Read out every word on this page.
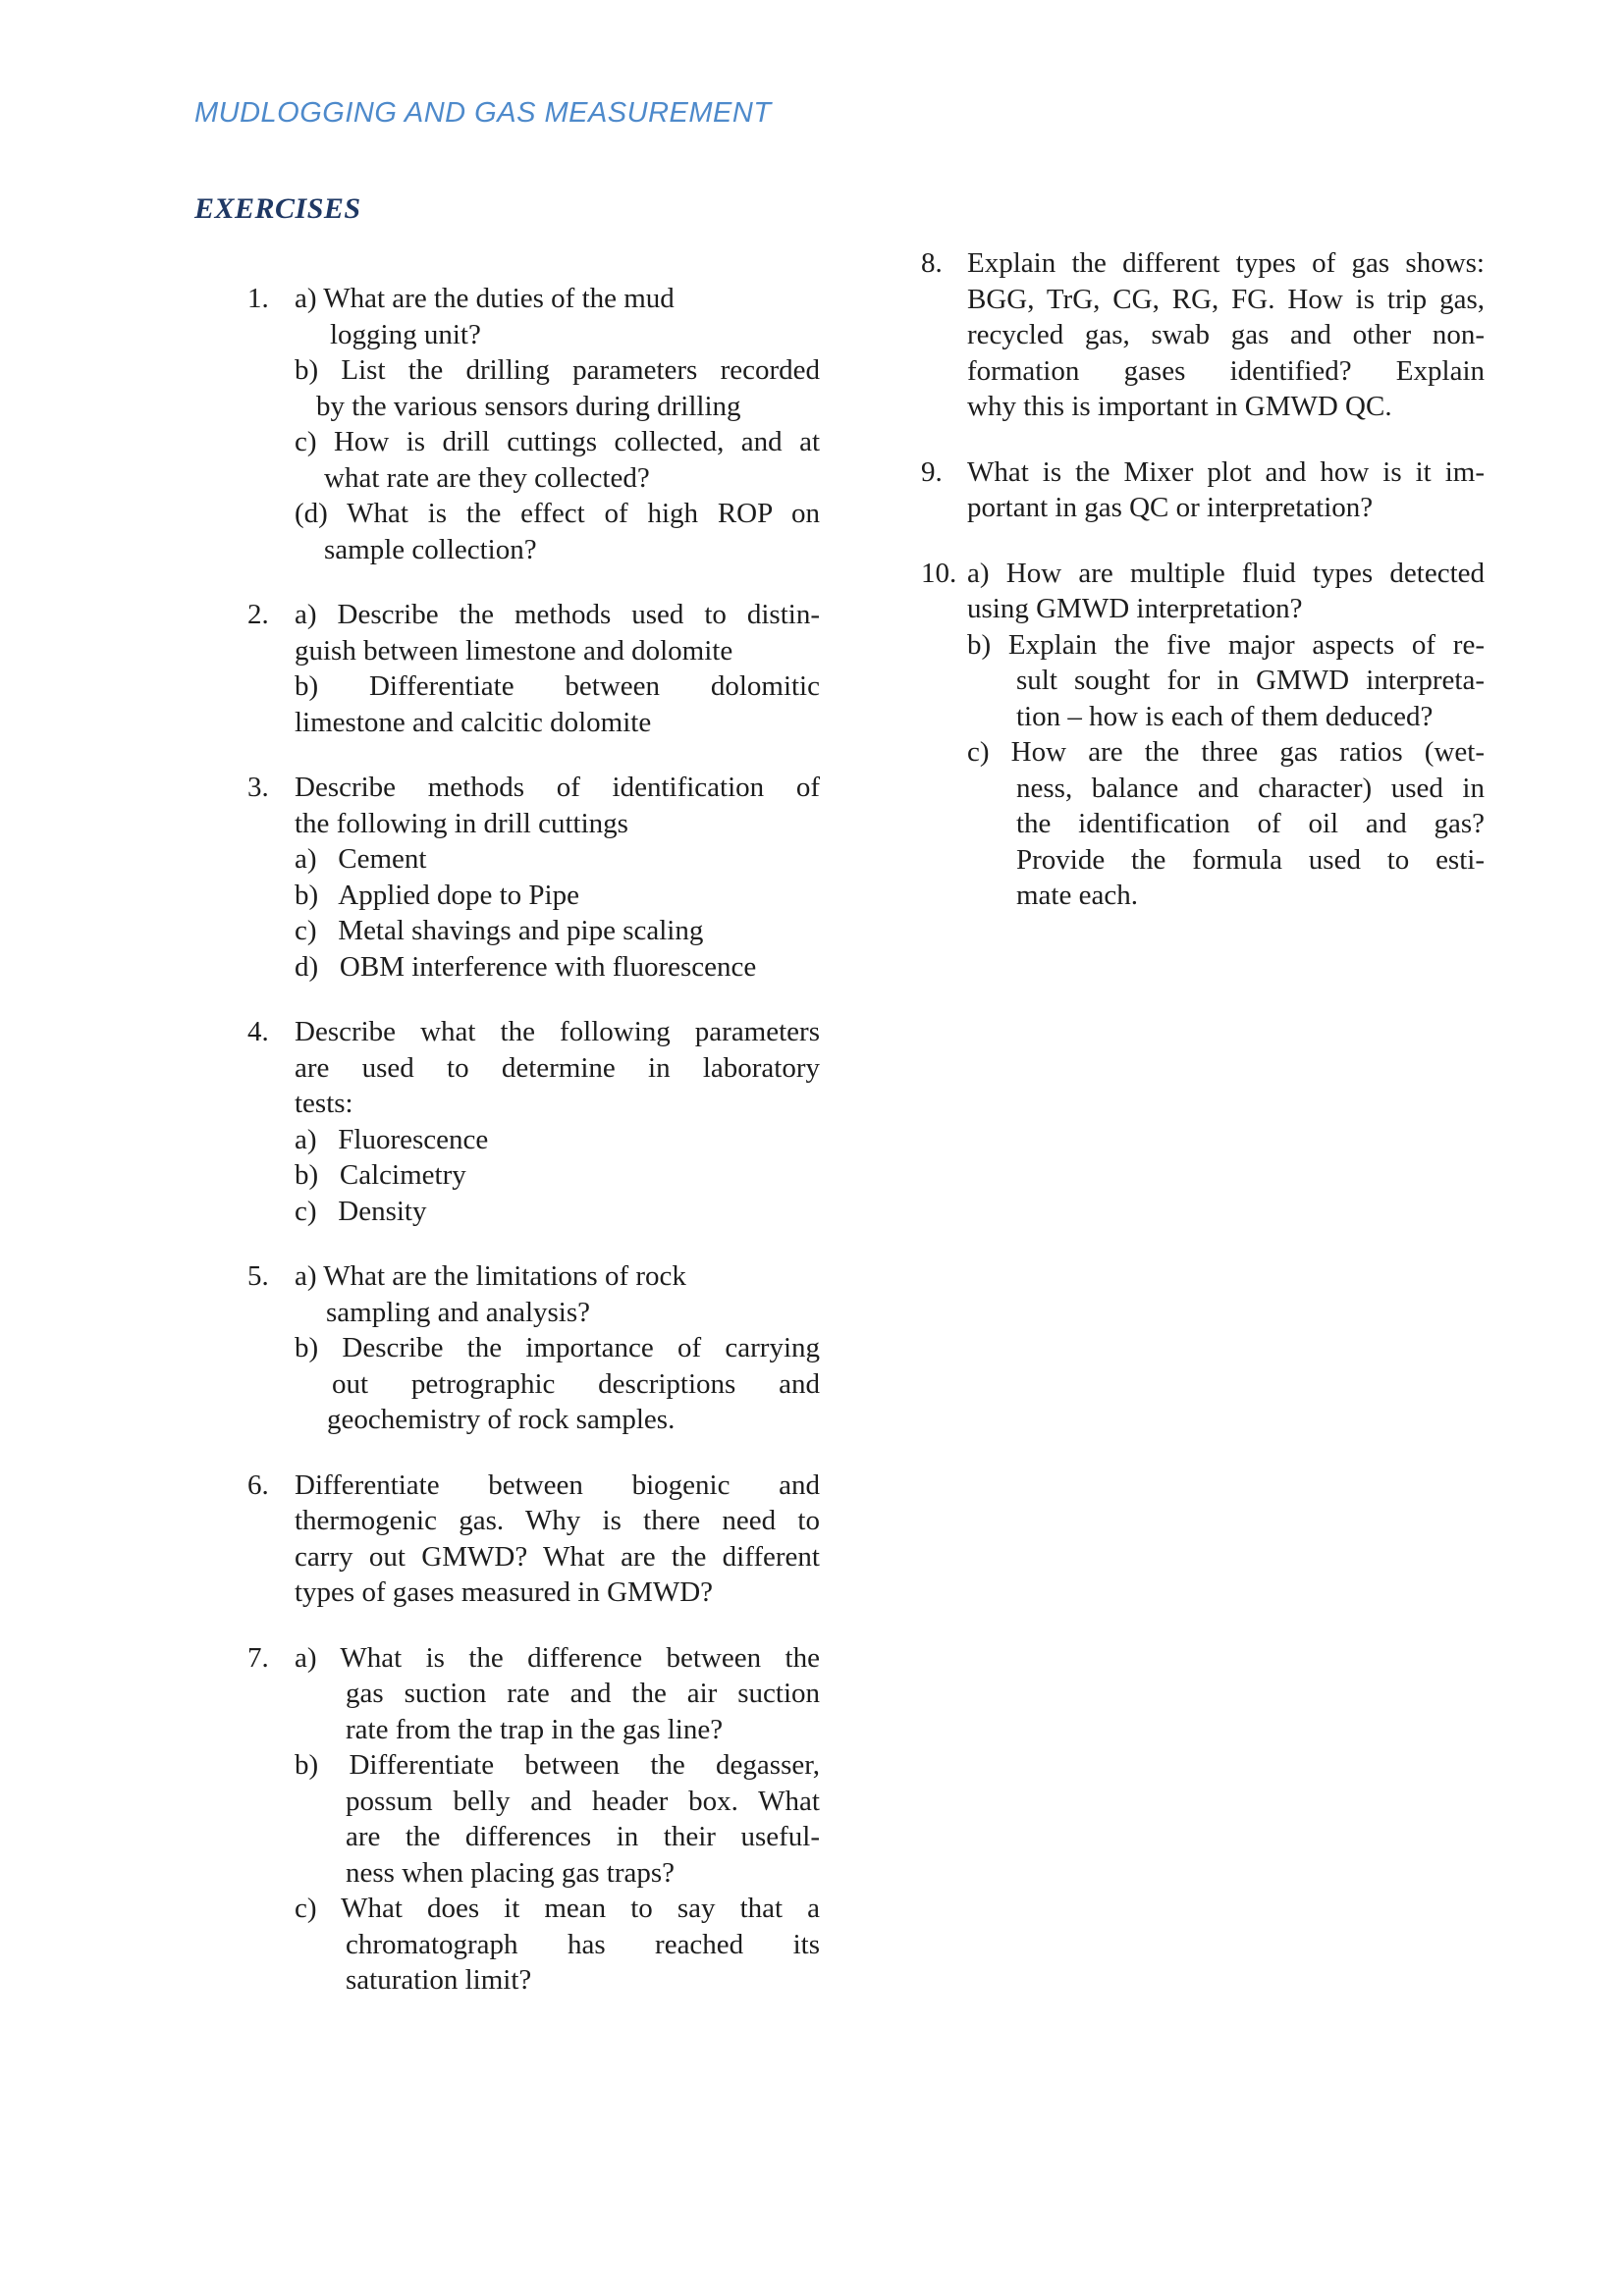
MUDLOGGING AND GAS MEASUREMENT
EXERCISES
1. a) What are the duties of the mud
logging unit?
b) List the drilling parameters recorded
by the various sensors during drilling
c) How is drill cuttings collected, and at
what rate are they collected?
(d) What is the effect of high ROP on
sample collection?
2. a) Describe the methods used to distin-
guish between limestone and dolomite
b) Differentiate between dolomitic
limestone and calcitic dolomite
3. Describe methods of identification of
the following in drill cuttings
a)   Cement
b)   Applied dope to Pipe
c)   Metal shavings and pipe scaling
d)   OBM interference with fluorescence
4. Describe what the following parameters
are used to determine in laboratory
tests:
a)   Fluorescence
b)   Calcimetry
c)   Density
5. a) What are the limitations of rock
sampling and analysis?
b) Describe the importance of carrying
out petrographic descriptions and
geochemistry of rock samples.
6. Differentiate between biogenic and
thermogenic gas. Why is there need to
carry out GMWD? What are the different
types of gases measured in GMWD?
7. a) What is the difference between the
gas suction rate and the air suction
rate from the trap in the gas line?
b) Differentiate between the degasser,
possum belly and header box. What
are the differences in their useful-
ness when placing gas traps?
c) What does it mean to say that a
chromatograph has reached its
saturation limit?
8. Explain the different types of gas shows:
BGG, TrG, CG, RG, FG. How is trip gas,
recycled gas, swab gas and other non-
formation gases identified? Explain
why this is important in GMWD QC.
9. What is the Mixer plot and how is it im-
portant in gas QC or interpretation?
10. a) How are multiple fluid types detected
using GMWD interpretation?
b) Explain the five major aspects of re-
sult sought for in GMWD interpreta-
tion – how is each of them deduced?
c) How are the three gas ratios (wet-
ness, balance and character) used in
the identification of oil and gas?
Provide the formula used to esti-
mate each.
